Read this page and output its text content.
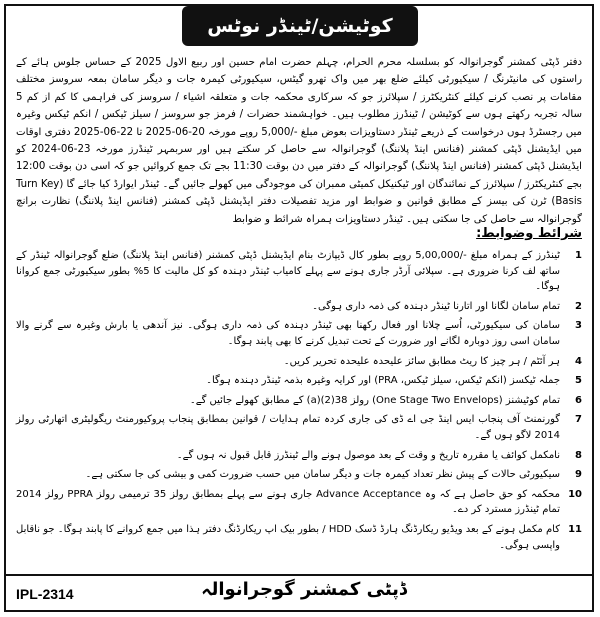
کوٹیشن/ٹینڈر نوٹس

دفتر ڈپٹی کمشنر گوجرانوالہ کو بسلسلہ محرم الحرام، چہلم حضرت امام حسین اور ربیع الاول 2025 کے حساس جلوس ہائے کے راستوں کی مانیٹرنگ / سیکیورٹی کیلئے ضلع بھر میں واک تھرو گیٹس، سیکیورٹی کیمرہ جات و دیگر سامان بمعہ سروسز مختلف مقامات پر نصب کرنے کیلئے کنٹریکٹرز / سپلائرز جو کہ سرکاری محکمہ جات و متعلقہ اشیاء / سروسز کی فراہمی کا کم از کم 5 سالہ تجربہ رکھتے ہوں سے کوٹیشن / ٹینڈرز مطلوب ہیں۔ خواہشمند حضرات / فرمز جو سروسز / سیلز ٹیکس / انکم ٹیکس وغیرہ میں رجسٹرڈ ہوں درخواست کے ذریعے ٹینڈر دستاویزات بعوض مبلغ -/5,000 روپے مورخہ 20-06-2025 تا 22-06-2025 دفتری اوقات میں ایڈیشنل ڈپٹی کمشنر (فنانس اینڈ پلاننگ) گوجرانوالہ سے حاصل کر سکتے ہیں اور سربمہر ٹینڈرز مورخہ 23-06-2024 کو ایڈیشنل ڈپٹی کمشنر (فنانس اینڈ پلاننگ) گوجرانوالہ کے دفتر میں دن بوقت 11:30 بجے تک جمع کروائیں جو کہ اسی دن بوقت 12:00 بجے کنٹریکٹرز / سپلائرز کے نمائندگان اور ٹیکنیکل کمیٹی ممبران کی موجودگی میں کھولے جائیں گے۔ ٹینڈر ایوارڈ کیا جائے گا (Turn Key Basis) ٹرن کی بیسز کے مطابق قوانین و ضوابط اور مزید تفصیلات دفتر ایڈیشنل ڈپٹی کمشنر (فنانس اینڈ پلاننگ) نظارت برانچ گوجرانوالہ سے حاصل کی جا سکتی ہیں۔ ٹینڈر دستاویزات ہمراہ شرائط و ضوابط

شرائط وضوابط:
1
ٹینڈرز کے ہمراہ مبلغ -/5,00,000 روپے بطور کال ڈیپازٹ بنام ایڈیشنل ڈپٹی کمشنر (فنانس اینڈ پلاننگ) ضلع گوجرانوالہ ٹینڈر کے ساتھ لف کرنا ضروری ہے۔ سپلائی آرڈر جاری ہونے سے پہلے کامیاب ٹینڈر دہندہ کو کل مالیت کا 5% بطور سیکیورٹی جمع کروانا ہوگا۔
2
تمام سامان لگانا اور اتارنا ٹینڈر دہندہ کی ذمہ داری ہوگی۔
3
سامان کی سیکیورٹی، اُسے چلانا اور فعال رکھنا بھی ٹینڈر دہندہ کی ذمہ داری ہوگی۔ نیز آندھی یا بارش وغیرہ سے گرنے والا سامان اسی روز دوبارہ لگانے اور ضرورت کے تحت تبدیل کرنے کا بھی پابند ہوگا۔
4
ہر آئٹم / ہر چیز کا ریٹ مطابق سائز علیحدہ علیحدہ تحریر کریں۔
5
جملہ ٹیکسز (انکم ٹیکس، سیلز ٹیکس، PRA) اور کرایہ وغیرہ بذمہ ٹینڈر دہندہ ہوگا۔
6
تمام کوٹیشنز (One Stage Two Envelops) رولز 38(2)(a) کے مطابق کھولے جائیں گے۔
7
گورنمنٹ آف پنجاب ایس اینڈ جی اے ڈی کی جاری کردہ تمام ہدایات / قوانین بمطابق پنجاب پروکیورمنٹ ریگولیٹری اتھارٹی رولز 2014 لاگو ہوں گے۔
8
نامکمل کوائف یا مقررہ تاریخ و وقت کے بعد موصول ہونے والے ٹینڈرز قابل قبول نہ ہوں گے۔
9
سیکیورٹی حالات کے پیش نظر تعداد کیمرہ جات و دیگر سامان میں حسب ضرورت کمی و بیشی کی جا سکتی ہے۔
10
محکمہ کو حق حاصل ہے کہ وہ Advance Acceptance جاری ہونے سے پہلے بمطابق رولز 35 ترمیمی رولز PPRA رولز 2014 تمام ٹینڈرز مسترد کر دے۔
11
کام مکمل ہونے کے بعد ویڈیو ریکارڈنگ ہارڈ ڈسک HDD / بطور بیک اپ ریکارڈنگ دفتر ہذا میں جمع کروانے کا پابند ہوگا۔ جو ناقابل واپسی ہوگی۔
IPL-2314	ڈپٹی کمشنر گوجرانوالہ
